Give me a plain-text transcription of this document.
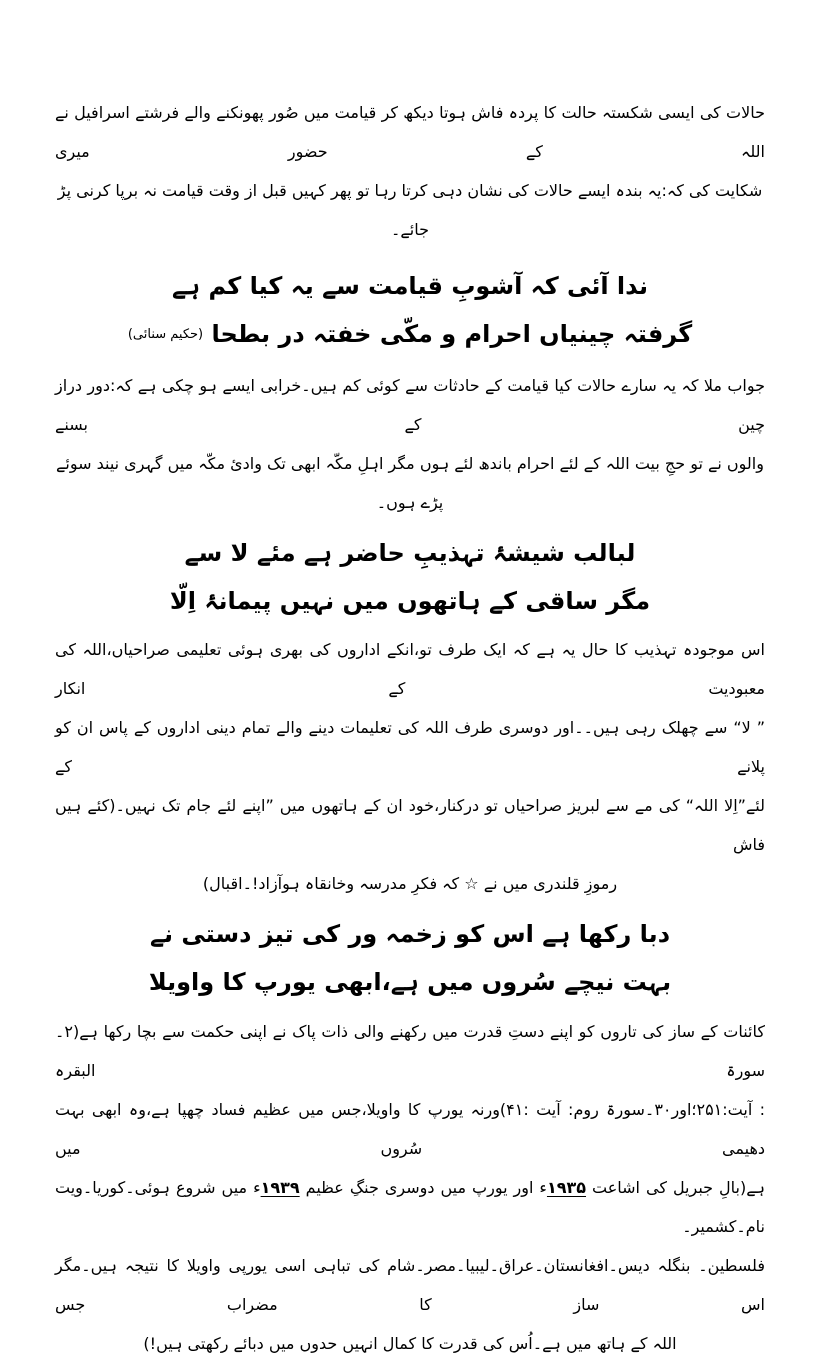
حالات کی ایسی شکستہ حالت کا پردہ فاش ہوتا دیکھ کر قیامت میں صُور پھونکنے والے فرشتے اسرافیل نے اللہ کے حضور میری
شکایت کی کہ:یہ بندہ ایسے حالات کی نشان دہی کرتا رہا تو پھر کہیں قبل از وقت قیامت نہ برپا کرنی پڑ جائے۔
ندا آئی کہ آشوبِ قیامت سے یہ کیا کم ہے
گرفتہ چینیاں احرام و مکّی خفتہ در بطحا (حکیم سنائی)
جواب ملا کہ یہ سارے حالات کیا قیامت کے حادثات سے کوئی کم ہیں۔خرابی ایسے ہو چکی ہے کہ:دور دراز چین کے بسنے
والوں نے تو حجِ بیت اللہ کے لئے احرام باندھ لئے ہوں مگر اہلِ مکّہ ابھی تک وادیٔ مکّہ میں گہری نیند سوئے پڑے ہوں۔
لبالب شیشۂ تہذیبِ حاضر ہے مئے لا سے
مگر ساقی کے ہاتھوں میں نہیں پیمانۂ اِلّا
اس موجودہ تہذیب کا حال یہ ہے کہ ایک طرف تو،انکے اداروں کی بھری ہوئی تعلیمی صراحیاں،اللہ کی معبودیت کے انکار
” لا“ سے چھلک رہی ہیں۔۔اور دوسری طرف اللہ کی تعلیمات دینے والے تمام دینی اداروں کے پاس ان کو پلانے کے
لئے”اِلا اللہ“ کی مے سے لبریز صراحیاں تو درکنار،خود ان کے ہاتھوں میں ”اپنے لئے جام تک نہیں۔(کئے ہیں فاش
رموزِ قلندری میں نے ☆ کہ فکرِ مدرسہ وخانقاہ ہوآزاد!۔اقبال)
دبا رکھا ہے اس کو زخمہ ور کی تیز دستی نے
بہت نیچے سُروں میں ہے،ابھی یورپ کا واویلا
کائنات کے ساز کی تاروں کو اپنے دستِ قدرت میں رکھنے والی ذات پاک نے اپنی حکمت سے بچا رکھا ہے(۲۔سورۃ البقرہ
: آیت:۲۵۱؛اور۳۰۔سورۃ روم: آیت :۴۱)ورنہ یورپ کا واویلا،جس میں عظیم فساد چھپا ہے،وہ ابھی بہت دھیمی سُروں میں
ہے(بالِ جبریل کی اشاعت ۱۹۳۵ء اور یورپ میں دوسری جنگِ عظیم ۱۹۳۹ء میں شروع ہوئی۔کوریا۔ویت نام۔کشمیر۔
فلسطین۔ بنگلہ دیس۔افغانستان۔عراق۔لیبیا۔مصر۔شام کی تباہی اسی یورپی واویلا کا نتیجہ ہیں۔مگر اس ساز کا مضراب جس
اللہ کے ہاتھ میں ہے۔اُس کی قدرت کا کمال انہیں حدوں میں دبائے رکھتی ہیں!)
